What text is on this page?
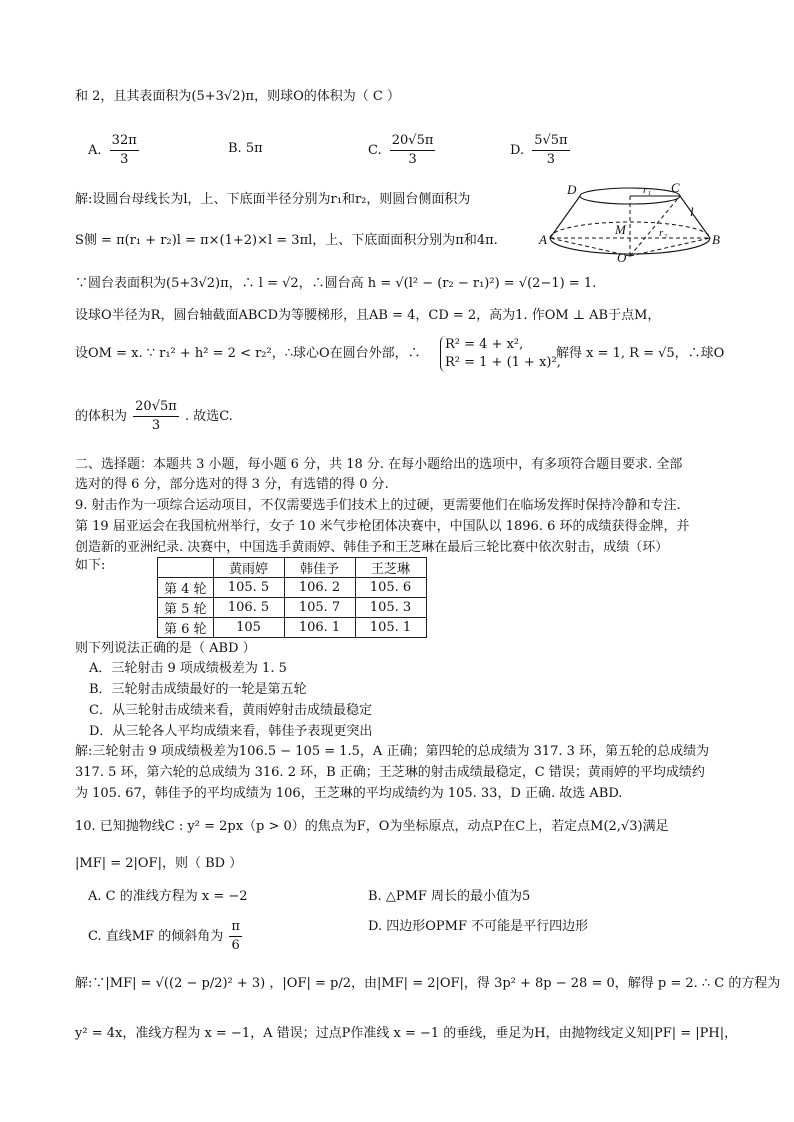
和 2，且其表面积为(5+3√2)π，则球O的体积为（ C ）
A. $\frac{32\pi}{3}$	B. 5π	C. $\frac{20√5\pi}{3}$	D. $\frac{5√5\pi}{3}$
解:设圆台母线长为l，上、下底面半径分别为r₁和r₂，则圆台侧面积为
S侧 = π(r₁ + r₂)l = π×(1+2)×l = 3πl，上、下底面面积分别为π和4π.
∵圆台表面积为(5+3√2)π，∴ l = √2，∴圆台高 h = √(l² − (r₂ − r₁)²) = √(2−1) = 1.
设球O半径为R，圆台轴截面ABCD为等腰梯形，且AB = 4，CD = 2，高为1. 作OM ⊥ AB于点M，
设OM = x. ∵ r₁² + h² = 2 < r₂²，∴球心O在圆台外部，∴
R² = 4 + x²,
R² = 1 + (1 + x)²,
解得 x = 1, R = √5，∴球O
的体积为 $\frac{20√5\pi}{3}$ . 故选C.
D	r₁ C
l
M	r₂
A
O
B
二、选择题：本题共 3 小题，每小题 6 分，共 18 分. 在每小题给出的选项中，有多项符合题目要求. 全部
选对的得 6 分，部分选对的得 3 分，有选错的得 0 分.
9. 射击作为一项综合运动项目，不仅需要选手们技术上的过硬，更需要他们在临场发挥时保持冷静和专注.
第 19 届亚运会在我国杭州举行，女子 10 米气步枪团体决赛中，中国队以 1896. 6 环的成绩获得金牌，并
创造新的亚洲纪录. 决赛中，中国选手黄雨婷、韩佳予和王芝琳在最后三轮比赛中依次射击，成绩（环）
如下:
		黄雨婷	韩佳予	王芝琳
第 4 轮	105. 5	106. 2	105. 6
第 5 轮	106. 5	105. 7	105. 3
第 6 轮	105	106. 1	105. 1
则下列说法正确的是（ ABD ）
A．三轮射击 9 项成绩极差为 1. 5
B．三轮射击成绩最好的一轮是第五轮
C．从三轮射击成绩来看，黄雨婷射击成绩最稳定
D．从三轮各人平均成绩来看，韩佳予表现更突出
解:三轮射击 9 项成绩极差为106.5 − 105 = 1.5，A 正确；第四轮的总成绩为 317. 3 环，第五轮的总成绩为
317. 5 环，第六轮的总成绩为 316. 2 环，B 正确；王芝琳的射击成绩最稳定，C 错误；黄雨婷的平均成绩约
为 105. 67，韩佳予的平均成绩为 106，王芝琳的平均成绩约为 105. 33，D 正确. 故选 ABD.
10. 已知抛物线C : y² = 2px（p > 0）的焦点为F，O为坐标原点，动点P在C上，若定点M(2,√3)满足
|MF| = 2|OF|，则（ BD ）
A. C 的准线方程为 x = −2	B. △PMF 周长的最小值为5
C. 直线MF 的倾斜角为 $\frac{\pi}{6}$	D. 四边形OPMF 不可能是平行四边形
解:∵|MF| = √((2 − p/2)² + 3) ，|OF| = p/2，由|MF| = 2|OF|，得 3p² + 8p − 28 = 0，解得 p = 2. ∴ C 的方程为
y² = 4x，准线方程为 x = −1，A 错误；过点P作准线 x = −1 的垂线，垂足为H，由抛物线定义知|PF| = |PH|，
